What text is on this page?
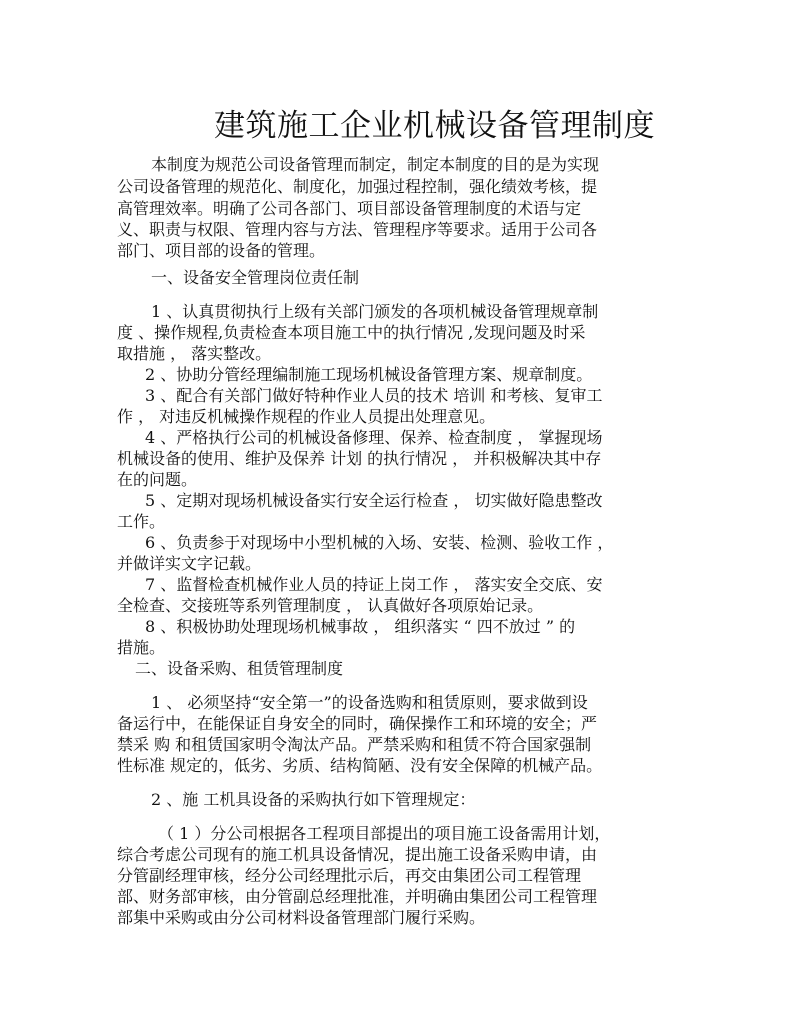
建筑施工企业机械设备管理制度

本制度为规范公司设备管理而制定，制定本制度的目的是为实现

公司设备管理的规范化、制度化，加强过程控制，强化绩效考核，提

高管理效率。明确了公司各部门、项目部设备管理制度的术语与定

义、职责与权限、管理内容与方法、管理程序等要求。适用于公司各

部门、项目部的设备的管理。

一、设备安全管理岗位责任制

1 、认真贯彻执行上级有关部门颁发的各项机械设备管理规章制

度 、操作规程,负责检查本项目施工中的执行情况 ,发现问题及时采

取措施 ， 落实整改。

2 、协助分管经理编制施工现场机械设备管理方案、规章制度。

3 、配合有关部门做好特种作业人员的技术 培训 和考核、复审工

作 ， 对违反机械操作规程的作业人员提出处理意见。

4 、严格执行公司的机械设备修理、保养、检查制度 ， 掌握现场

机械设备的使用、维护及保养 计划 的执行情况 ， 并积极解决其中存

在的问题。

5 、定期对现场机械设备实行安全运行检查 ， 切实做好隐患整改

工作。

6 、负责参于对现场中小型机械的入场、安装、检测、验收工作 ，

并做详实文字记载。

7 、监督检查机械作业人员的持证上岗工作 ， 落实安全交底、安

全检查、交接班等系列管理制度 ， 认真做好各项原始记录。

8 、积极协助处理现场机械事故 ， 组织落实 “ 四不放过 ” 的

措施。

二、设备采购、租赁管理制度

1 、 必须坚持“安全第一”的设备选购和租赁原则，要求做到设

备运行中，在能保证自身安全的同时，确保操作工和环境的安全；严

禁采 购 和租赁国家明令淘汰产品。严禁采购和租赁不符合国家强制

性标准 规定的，低劣、劣质、结构简陋、没有安全保障的机械产品。

2 、施 工机具设备的采购执行如下管理规定：

（ 1 ）分公司根据各工程项目部提出的项目施工设备需用计划，

综合考虑公司现有的施工机具设备情况，提出施工设备采购申请，由

分管副经理审核，经分公司经理批示后，再交由集团公司工程管理

部、财务部审核，由分管副总经理批准，并明确由集团公司工程管理

部集中采购或由分公司材料设备管理部门履行采购。
